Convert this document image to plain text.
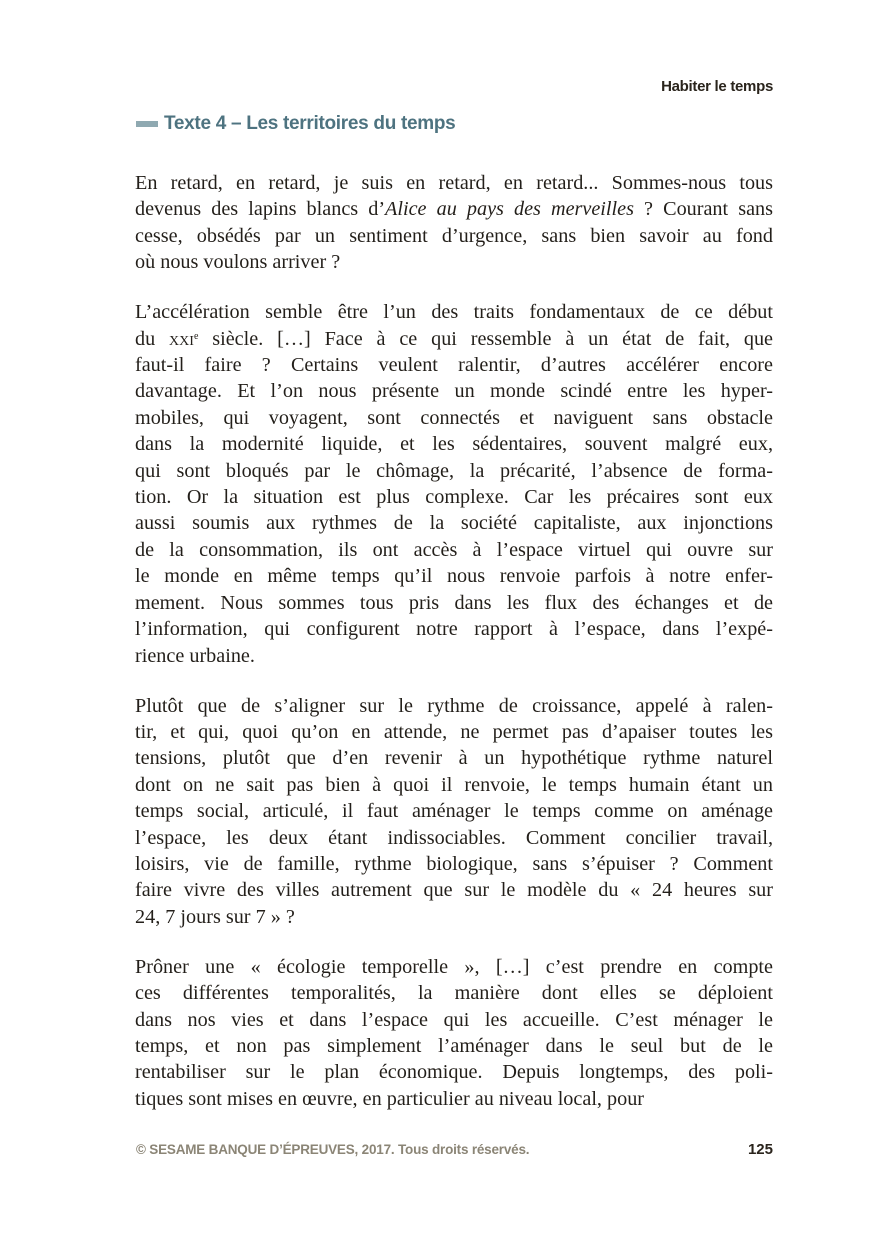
Habiter le temps
Texte 4 – Les territoires du temps
En retard, en retard, je suis en retard, en retard... Sommes-nous tous
devenus des lapins blancs d’Alice au pays des merveilles ? Courant sans
cesse, obsédés par un sentiment d’urgence, sans bien savoir au fond
où nous voulons arriver ?
L’accélération semble être l’un des traits fondamentaux de ce début
du xxi$^e$ siècle. […] Face à ce qui ressemble à un état de fait, que
faut-il faire ? Certains veulent ralentir, d’autres accélérer encore
davantage. Et l’on nous présente un monde scindé entre les hyper-
mobiles, qui voyagent, sont connectés et naviguent sans obstacle
dans la modernité liquide, et les sédentaires, souvent malgré eux,
qui sont bloqués par le chômage, la précarité, l’absence de forma-
tion. Or la situation est plus complexe. Car les précaires sont eux
aussi soumis aux rythmes de la société capitaliste, aux injonctions
de la consommation, ils ont accès à l’espace virtuel qui ouvre sur
le monde en même temps qu’il nous renvoie parfois à notre enfer-
mement. Nous sommes tous pris dans les flux des échanges et de
l’information, qui configurent notre rapport à l’espace, dans l’expé-
rience urbaine.
Plutôt que de s’aligner sur le rythme de croissance, appelé à ralen-
tir, et qui, quoi qu’on en attende, ne permet pas d’apaiser toutes les
tensions, plutôt que d’en revenir à un hypothétique rythme naturel
dont on ne sait pas bien à quoi il renvoie, le temps humain étant un
temps social, articulé, il faut aménager le temps comme on aménage
l’espace, les deux étant indissociables. Comment concilier travail,
loisirs, vie de famille, rythme biologique, sans s’épuiser ? Comment
faire vivre des villes autrement que sur le modèle du « 24 heures sur
24, 7 jours sur 7 » ?
Prôner une « écologie temporelle », […] c’est prendre en compte
ces différentes temporalités, la manière dont elles se déploient
dans nos vies et dans l’espace qui les accueille. C’est ménager le
temps, et non pas simplement l’aménager dans le seul but de le
rentabiliser sur le plan économique. Depuis longtemps, des poli-
tiques sont mises en œuvre, en particulier au niveau local, pour
© SESAME BANQUE D’ÉPREUVES, 2017. Tous droits réservés.	125
